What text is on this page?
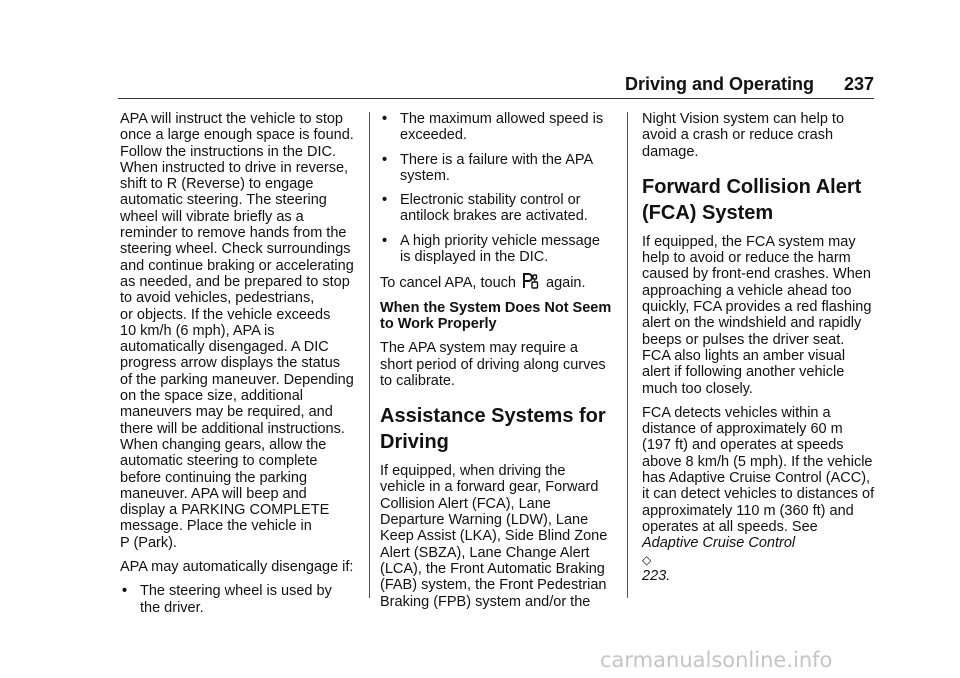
Driving and Operating 237

APA will instruct the vehicle to stop
once a large enough space is found.
Follow the instructions in the DIC.
When instructed to drive in reverse,
shift to R (Reverse) to engage
automatic steering. The steering
wheel will vibrate briefly as a
reminder to remove hands from the
steering wheel. Check surroundings
and continue braking or accelerating
as needed, and be prepared to stop
to avoid vehicles, pedestrians,
or objects. If the vehicle exceeds
10 km/h (6 mph), APA is
automatically disengaged. A DIC
progress arrow displays the status
of the parking maneuver. Depending
on the space size, additional
maneuvers may be required, and
there will be additional instructions.
When changing gears, allow the
automatic steering to complete
before continuing the parking
maneuver. APA will beep and
display a PARKING COMPLETE
message. Place the vehicle in
P (Park).

APA may automatically disengage if:

• The steering wheel is used by
the driver.
• The maximum allowed speed is
exceeded.
• There is a failure with the APA
system.
• Electronic stability control or
antilock brakes are activated.
• A high priority vehicle message
is displayed in the DIC.

To cancel APA, touch again.

When the System Does Not Seem
to Work Properly

The APA system may require a
short period of driving along curves
to calibrate.

Assistance Systems for
Driving

If equipped, when driving the
vehicle in a forward gear, Forward
Collision Alert (FCA), Lane
Departure Warning (LDW), Lane
Keep Assist (LKA), Side Blind Zone
Alert (SBZA), Lane Change Alert
(LCA), the Front Automatic Braking
(FAB) system, the Front Pedestrian
Braking (FPB) system and/or the

Night Vision system can help to
avoid a crash or reduce crash
damage.

Forward Collision Alert
(FCA) System

If equipped, the FCA system may
help to avoid or reduce the harm
caused by front-end crashes. When
approaching a vehicle ahead too
quickly, FCA provides a red flashing
alert on the windshield and rapidly
beeps or pulses the driver seat.
FCA also lights an amber visual
alert if following another vehicle
much too closely.

FCA detects vehicles within a
distance of approximately 60 m
(197 ft) and operates at speeds
above 8 km/h (5 mph). If the vehicle
has Adaptive Cruise Control (ACC),
it can detect vehicles to distances of
approximately 110 m (360 ft) and
operates at all speeds. See
Adaptive Cruise Control
◇
223.

carmanualsonline.info
